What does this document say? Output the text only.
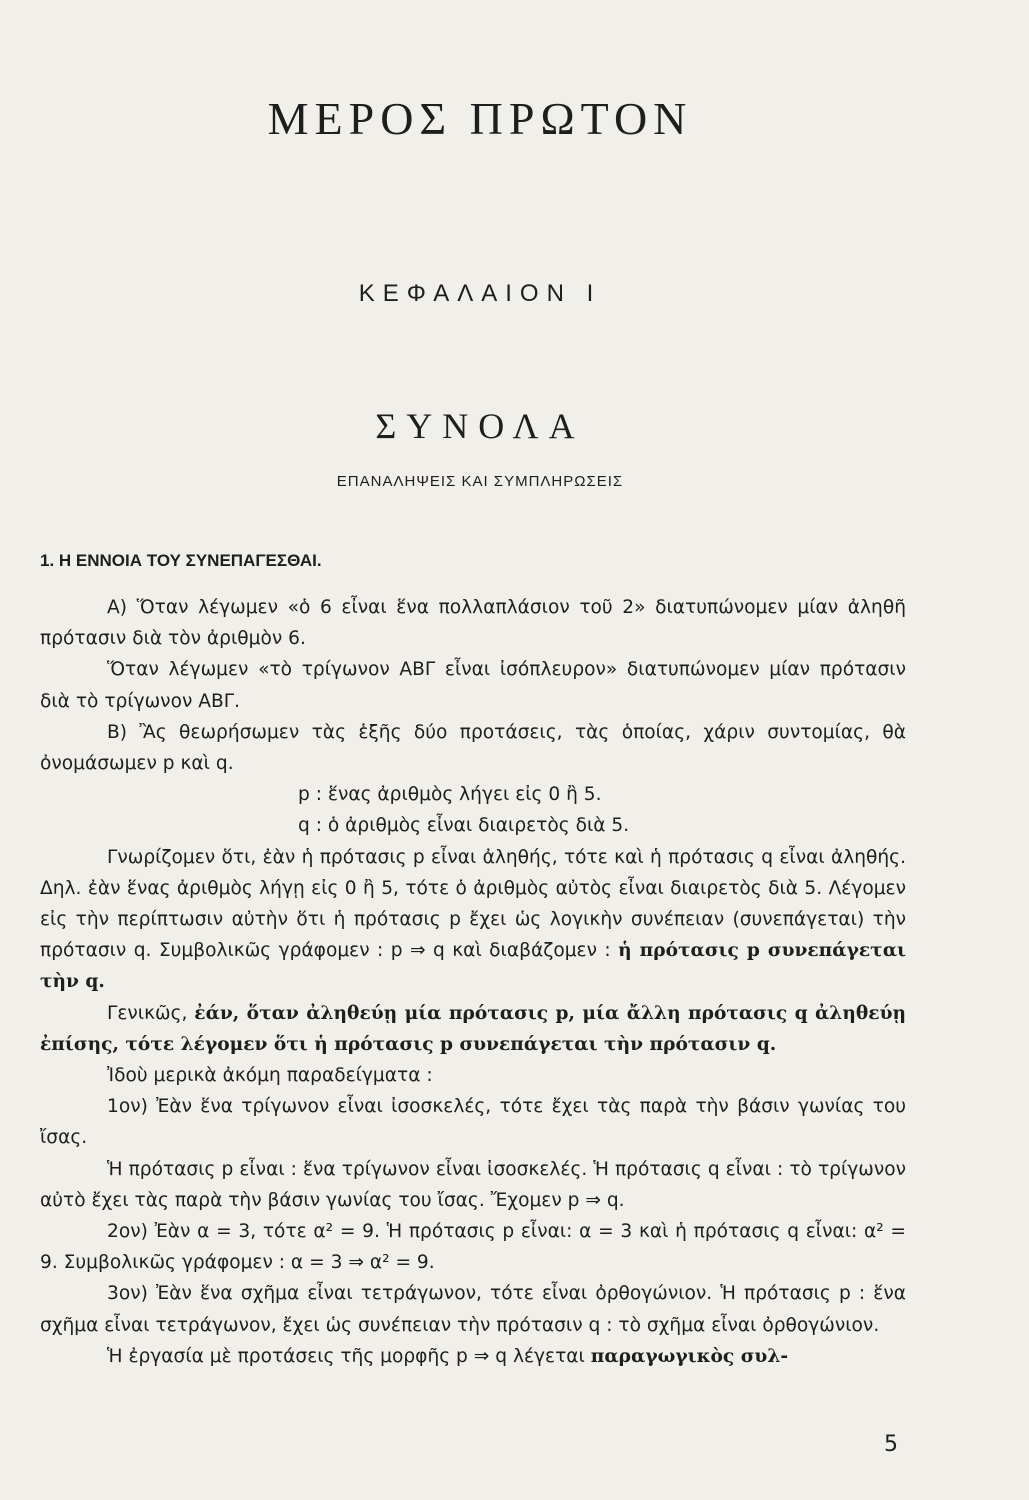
ΜΕΡΟΣ ΠΡΩΤΟΝ
ΚΕΦΑΛΑΙΟΝ Ι
ΣΥΝΟΛΑ
ΕΠΑΝΑΛΗΨΕΙΣ ΚΑΙ ΣΥΜΠΛΗΡΩΣΕΙΣ
1. Η ΕΝΝΟΙΑ ΤΟΥ ΣΥΝΕΠΑΓΕΣΘΑΙ.

Α) Ὅταν λέγωμεν «ὁ 6 εἶναι ἕνα πολλαπλάσιον τοῦ 2» διατυπώνομεν μίαν ἀληθῆ πρότασιν διὰ τὸν ἀριθμὸν 6.

Ὅταν λέγωμεν «τὸ τρίγωνον ΑΒΓ εἶναι ἰσόπλευρον» διατυπώνομεν μίαν πρότασιν διὰ τὸ τρίγωνον ΑΒΓ.

Β) Ἂς θεωρήσωμεν τὰς ἑξῆς δύο προτάσεις, τὰς ὁποίας, χάριν συντομίας, θὰ ὀνομάσωμεν p καὶ q.

p : ἕνας ἀριθμὸς λήγει εἰς 0 ἢ 5.

q : ὁ ἀριθμὸς εἶναι διαιρετὸς διὰ 5.

Γνωρίζομεν ὅτι, ἐὰν ἡ πρότασις p εἶναι ἀληθής, τότε καὶ ἡ πρότασις q εἶναι ἀληθής. Δηλ. ἐὰν ἕνας ἀριθμὸς λήγῃ εἰς 0 ἢ 5, τότε ὁ ἀριθμὸς αὐτὸς εἶναι διαιρετὸς διὰ 5. Λέγομεν εἰς τὴν περίπτωσιν αὐτὴν ὅτι ἡ πρότασις p ἔχει ὡς λογικὴν συνέπειαν (συνεπάγεται) τὴν πρότασιν q. Συμβολικῶς γράφομεν : p ⇒ q καὶ διαβάζομεν : ἡ πρότασις p συνεπάγεται τὴν q.

Γενικῶς, ἐάν, ὅταν ἀληθεύῃ μία πρότασις p, μία ἄλλη πρότασις q ἀληθεύῃ ἐπίσης, τότε λέγομεν ὅτι ἡ πρότασις p συνεπάγεται τὴν πρότασιν q.

Ἰδοὺ μερικὰ ἀκόμη παραδείγματα :

1ον) Ἐὰν ἕνα τρίγωνον εἶναι ἰσοσκελές, τότε ἔχει τὰς παρὰ τὴν βάσιν γωνίας του ἴσας.

Ἡ πρότασις p εἶναι : ἕνα τρίγωνον εἶναι ἰσοσκελές. Ἡ πρότασις q εἶναι : τὸ τρίγωνον αὐτὸ ἔχει τὰς παρὰ τὴν βάσιν γωνίας του ἴσας. Ἔχομεν p ⇒ q.

2ον) Ἐὰν α = 3, τότε α² = 9. Ἡ πρότασις p εἶναι: α = 3 καὶ ἡ πρότασις q εἶναι: α² = 9. Συμβολικῶς γράφομεν : α = 3 ⇒ α² = 9.

3ον) Ἐὰν ἕνα σχῆμα εἶναι τετράγωνον, τότε εἶναι ὀρθογώνιον. Ἡ πρότασις p : ἕνα σχῆμα εἶναι τετράγωνον, ἔχει ὡς συνέπειαν τὴν πρότασιν q : τὸ σχῆμα εἶναι ὀρθογώνιον.

Ἡ ἐργασία μὲ προτάσεις τῆς μορφῆς p ⇒ q λέγεται παραγωγικὸς συλ-

5
